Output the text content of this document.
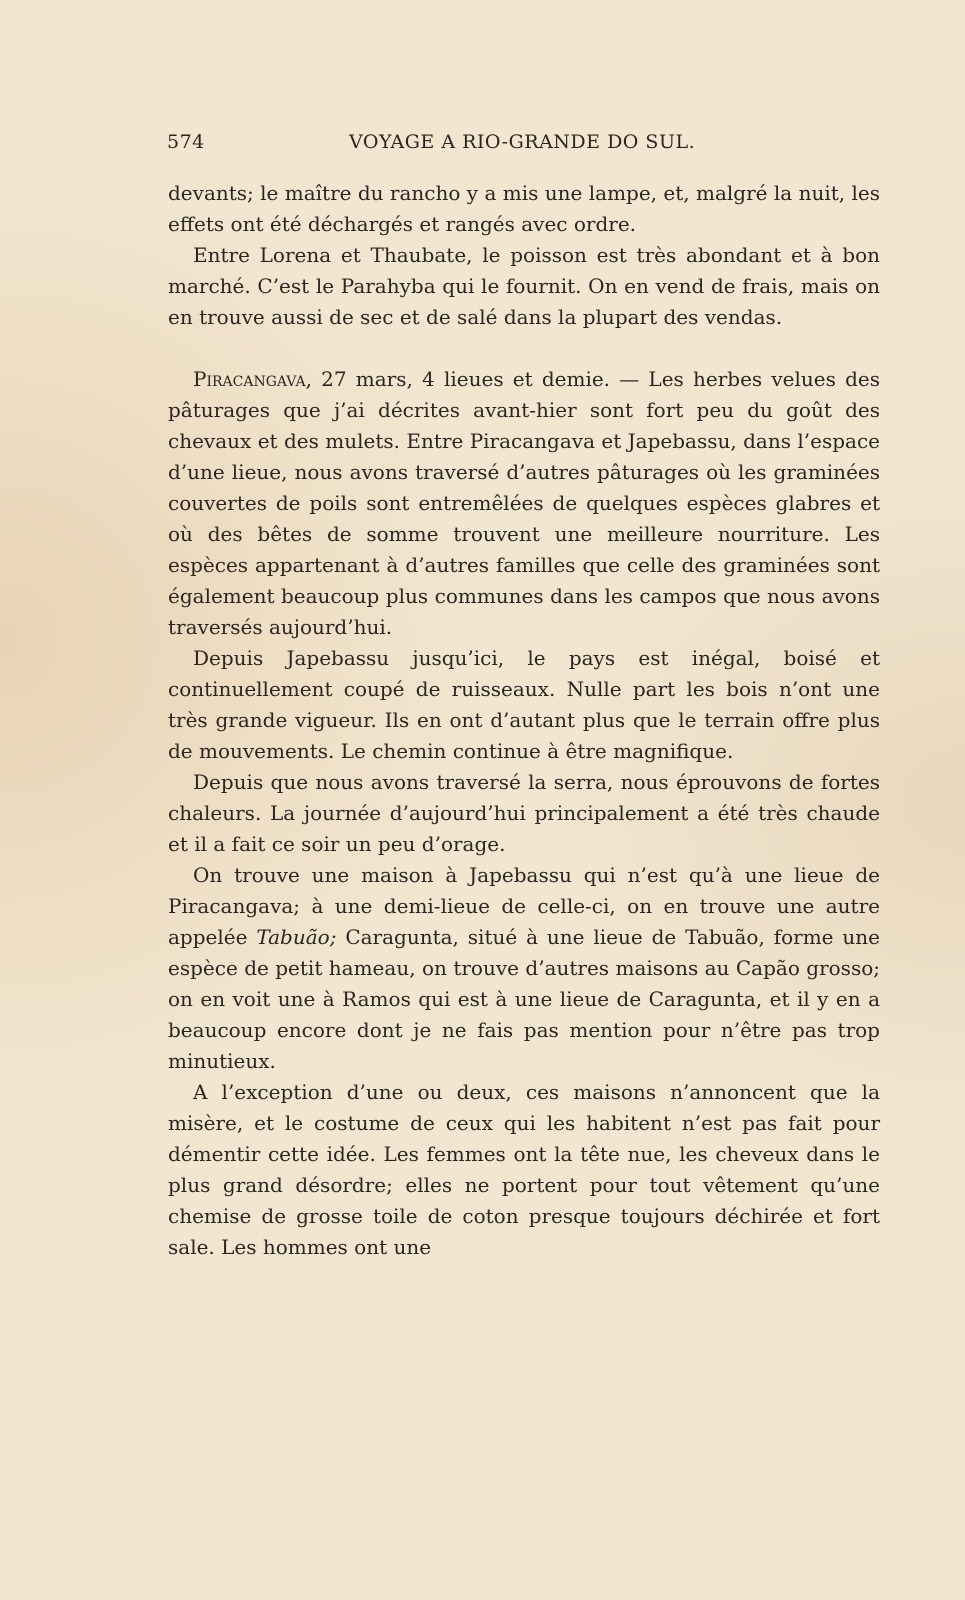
574	VOYAGE A RIO-GRANDE DO SUL.

devants; le maître du rancho y a mis une lampe, et, malgré la nuit, les effets ont été déchargés et rangés avec ordre.

Entre Lorena et Thaubate, le poisson est très abondant et à bon marché. C’est le Parahyba qui le fournit. On en vend de frais, mais on en trouve aussi de sec et de salé dans la plupart des vendas.

Piracangava, 27 mars, 4 lieues et demie. — Les herbes velues des pâturages que j’ai décrites avant-hier sont fort peu du goût des chevaux et des mulets. Entre Piracangava et Japebassu, dans l’espace d’une lieue, nous avons traversé d’autres pâturages où les graminées couvertes de poils sont entremêlées de quelques espèces glabres et où des bêtes de somme trouvent une meilleure nourriture. Les espèces appartenant à d’autres familles que celle des graminées sont également beaucoup plus communes dans les campos que nous avons traversés aujourd’hui.

Depuis Japebassu jusqu’ici, le pays est inégal, boisé et continuellement coupé de ruisseaux. Nulle part les bois n’ont une très grande vigueur. Ils en ont d’autant plus que le terrain offre plus de mouvements. Le chemin continue à être magnifique.

Depuis que nous avons traversé la serra, nous éprouvons de fortes chaleurs. La journée d’aujourd’hui principalement a été très chaude et il a fait ce soir un peu d’orage.

On trouve une maison à Japebassu qui n’est qu’à une lieue de Piracangava; à une demi-lieue de celle-ci, on en trouve une autre appelée Tabuão; Caragunta, situé à une lieue de Tabuão, forme une espèce de petit hameau, on trouve d’autres maisons au Capão grosso; on en voit une à Ramos qui est à une lieue de Caragunta, et il y en a beaucoup encore dont je ne fais pas mention pour n’être pas trop minutieux.

A l’exception d’une ou deux, ces maisons n’annoncent que la misère, et le costume de ceux qui les habitent n’est pas fait pour démentir cette idée. Les femmes ont la tête nue, les cheveux dans le plus grand désordre; elles ne portent pour tout vêtement qu’une chemise de grosse toile de coton presque toujours déchirée et fort sale. Les hommes ont une
